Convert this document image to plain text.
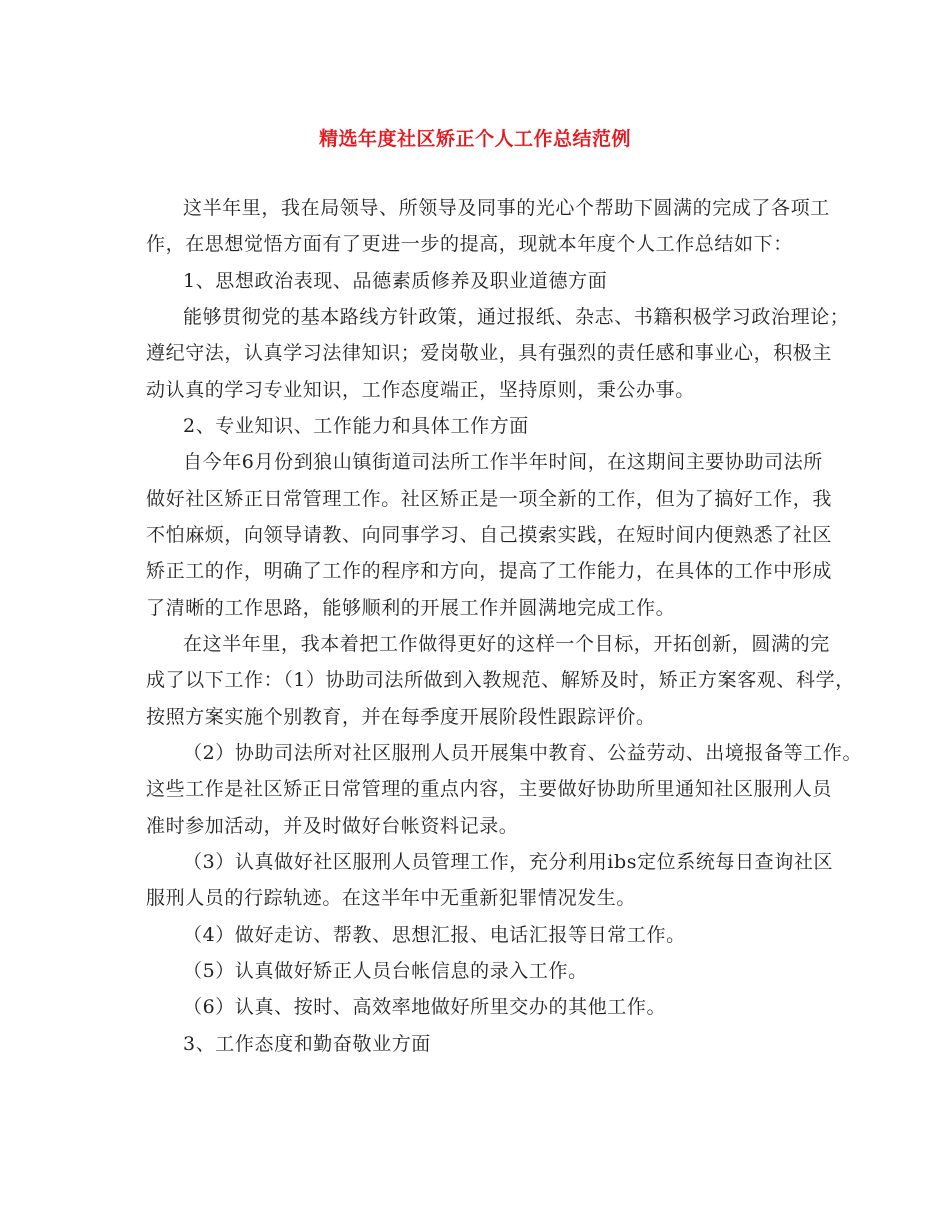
精选年度社区矫正个人工作总结范例
这半年里，我在局领导、所领导及同事的光心个帮助下圆满的完成了各项工
作，在思想觉悟方面有了更进一步的提高，现就本年度个人工作总结如下：
1、思想政治表现、品德素质修养及职业道德方面
能够贯彻党的基本路线方针政策，通过报纸、杂志、书籍积极学习政治理论；
遵纪守法，认真学习法律知识；爱岗敬业，具有强烈的责任感和事业心，积极主
动认真的学习专业知识，工作态度端正，坚持原则，秉公办事。
2、专业知识、工作能力和具体工作方面
自今年6月份到狼山镇街道司法所工作半年时间，在这期间主要协助司法所
做好社区矫正日常管理工作。社区矫正是一项全新的工作，但为了搞好工作，我
不怕麻烦，向领导请教、向同事学习、自己摸索实践，在短时间内便熟悉了社区
矫正工的作，明确了工作的程序和方向，提高了工作能力，在具体的工作中形成
了清晰的工作思路，能够顺利的开展工作并圆满地完成工作。
在这半年里，我本着把工作做得更好的这样一个目标，开拓创新，圆满的完
成了以下工作：（1）协助司法所做到入教规范、解矫及时，矫正方案客观、科学，
按照方案实施个别教育，并在每季度开展阶段性跟踪评价。
（2）协助司法所对社区服刑人员开展集中教育、公益劳动、出境报备等工作。
这些工作是社区矫正日常管理的重点内容，主要做好协助所里通知社区服刑人员
准时参加活动，并及时做好台帐资料记录。
（3）认真做好社区服刑人员管理工作，充分利用ibs定位系统每日查询社区
服刑人员的行踪轨迹。在这半年中无重新犯罪情况发生。
（4）做好走访、帮教、思想汇报、电话汇报等日常工作。
（5）认真做好矫正人员台帐信息的录入工作。
（6）认真、按时、高效率地做好所里交办的其他工作。
3、工作态度和勤奋敬业方面
